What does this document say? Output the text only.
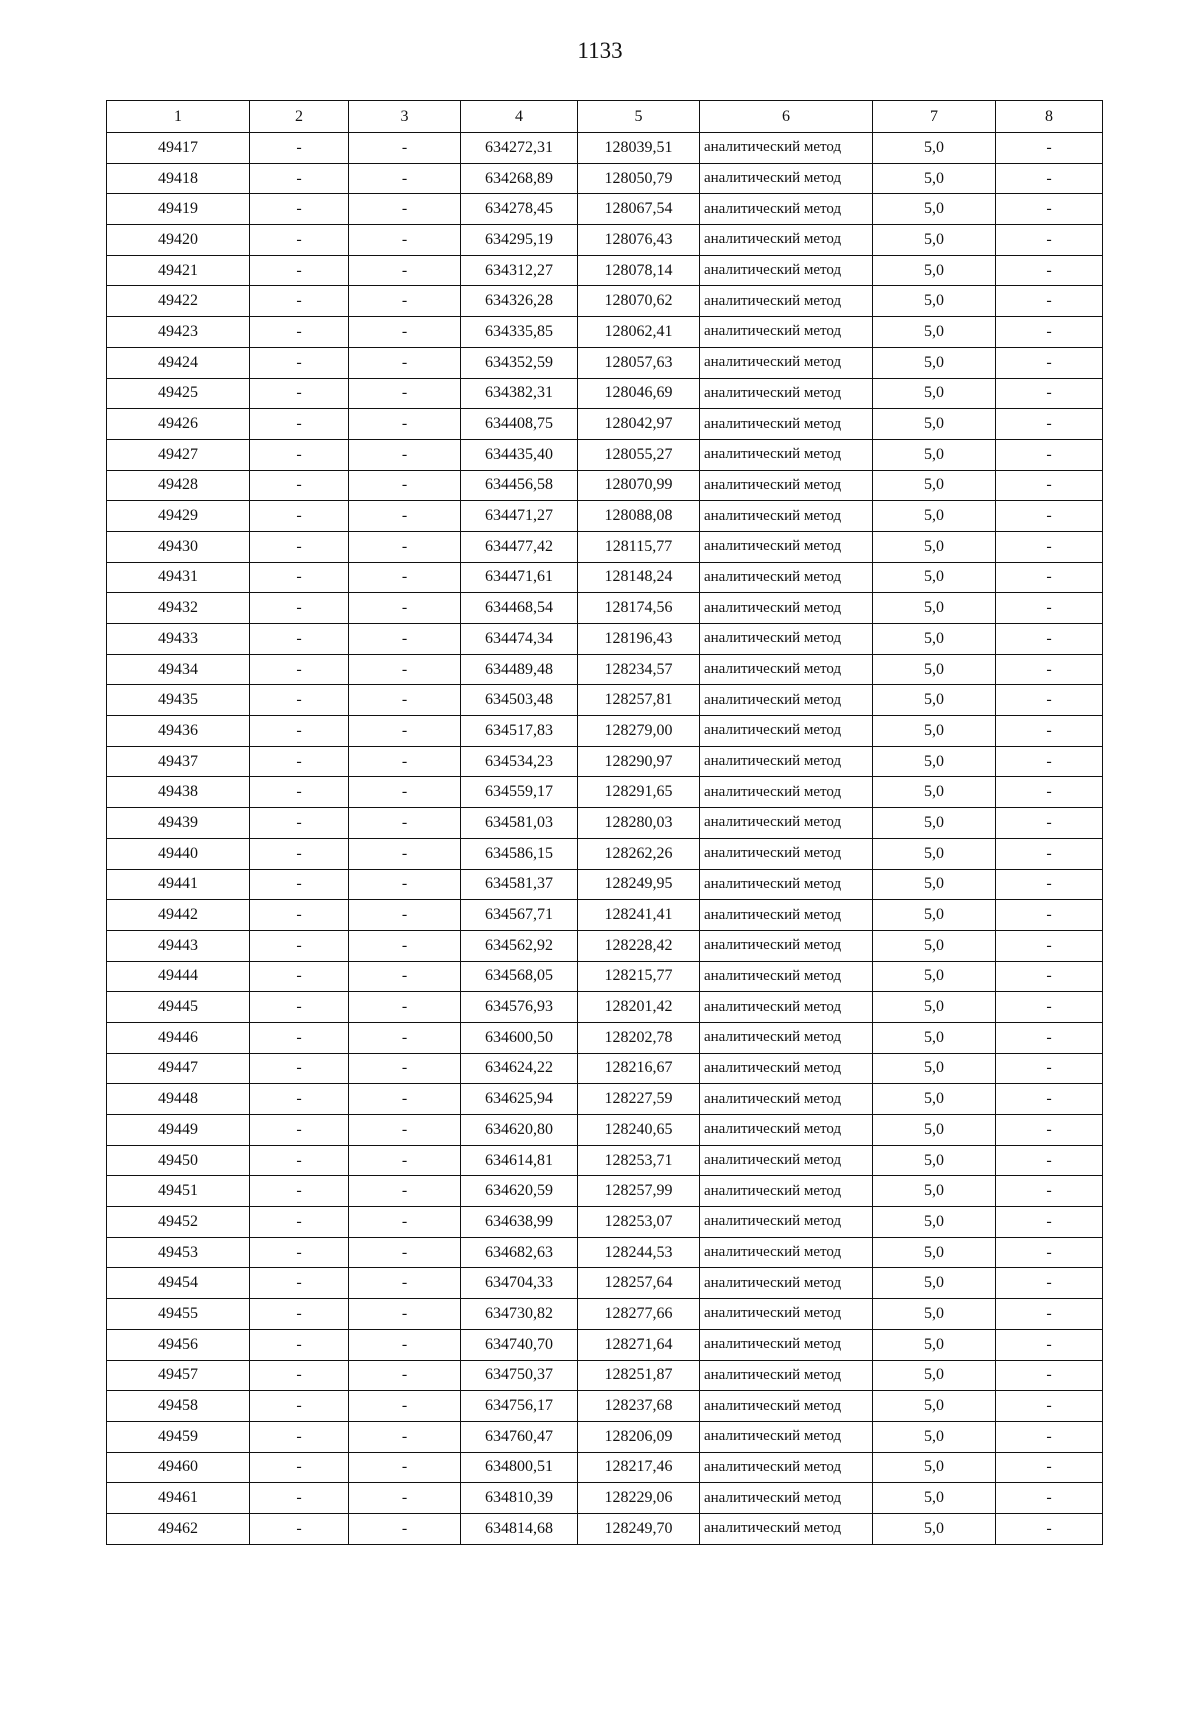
1133
1	2	3	4	5	6	7	8
49417	-	-	634272,31	128039,51	аналитический метод	5,0	-
49418	-	-	634268,89	128050,79	аналитический метод	5,0	-
49419	-	-	634278,45	128067,54	аналитический метод	5,0	-
49420	-	-	634295,19	128076,43	аналитический метод	5,0	-
49421	-	-	634312,27	128078,14	аналитический метод	5,0	-
49422	-	-	634326,28	128070,62	аналитический метод	5,0	-
49423	-	-	634335,85	128062,41	аналитический метод	5,0	-
49424	-	-	634352,59	128057,63	аналитический метод	5,0	-
49425	-	-	634382,31	128046,69	аналитический метод	5,0	-
49426	-	-	634408,75	128042,97	аналитический метод	5,0	-
49427	-	-	634435,40	128055,27	аналитический метод	5,0	-
49428	-	-	634456,58	128070,99	аналитический метод	5,0	-
49429	-	-	634471,27	128088,08	аналитический метод	5,0	-
49430	-	-	634477,42	128115,77	аналитический метод	5,0	-
49431	-	-	634471,61	128148,24	аналитический метод	5,0	-
49432	-	-	634468,54	128174,56	аналитический метод	5,0	-
49433	-	-	634474,34	128196,43	аналитический метод	5,0	-
49434	-	-	634489,48	128234,57	аналитический метод	5,0	-
49435	-	-	634503,48	128257,81	аналитический метод	5,0	-
49436	-	-	634517,83	128279,00	аналитический метод	5,0	-
49437	-	-	634534,23	128290,97	аналитический метод	5,0	-
49438	-	-	634559,17	128291,65	аналитический метод	5,0	-
49439	-	-	634581,03	128280,03	аналитический метод	5,0	-
49440	-	-	634586,15	128262,26	аналитический метод	5,0	-
49441	-	-	634581,37	128249,95	аналитический метод	5,0	-
49442	-	-	634567,71	128241,41	аналитический метод	5,0	-
49443	-	-	634562,92	128228,42	аналитический метод	5,0	-
49444	-	-	634568,05	128215,77	аналитический метод	5,0	-
49445	-	-	634576,93	128201,42	аналитический метод	5,0	-
49446	-	-	634600,50	128202,78	аналитический метод	5,0	-
49447	-	-	634624,22	128216,67	аналитический метод	5,0	-
49448	-	-	634625,94	128227,59	аналитический метод	5,0	-
49449	-	-	634620,80	128240,65	аналитический метод	5,0	-
49450	-	-	634614,81	128253,71	аналитический метод	5,0	-
49451	-	-	634620,59	128257,99	аналитический метод	5,0	-
49452	-	-	634638,99	128253,07	аналитический метод	5,0	-
49453	-	-	634682,63	128244,53	аналитический метод	5,0	-
49454	-	-	634704,33	128257,64	аналитический метод	5,0	-
49455	-	-	634730,82	128277,66	аналитический метод	5,0	-
49456	-	-	634740,70	128271,64	аналитический метод	5,0	-
49457	-	-	634750,37	128251,87	аналитический метод	5,0	-
49458	-	-	634756,17	128237,68	аналитический метод	5,0	-
49459	-	-	634760,47	128206,09	аналитический метод	5,0	-
49460	-	-	634800,51	128217,46	аналитический метод	5,0	-
49461	-	-	634810,39	128229,06	аналитический метод	5,0	-
49462	-	-	634814,68	128249,70	аналитический метод	5,0	-
